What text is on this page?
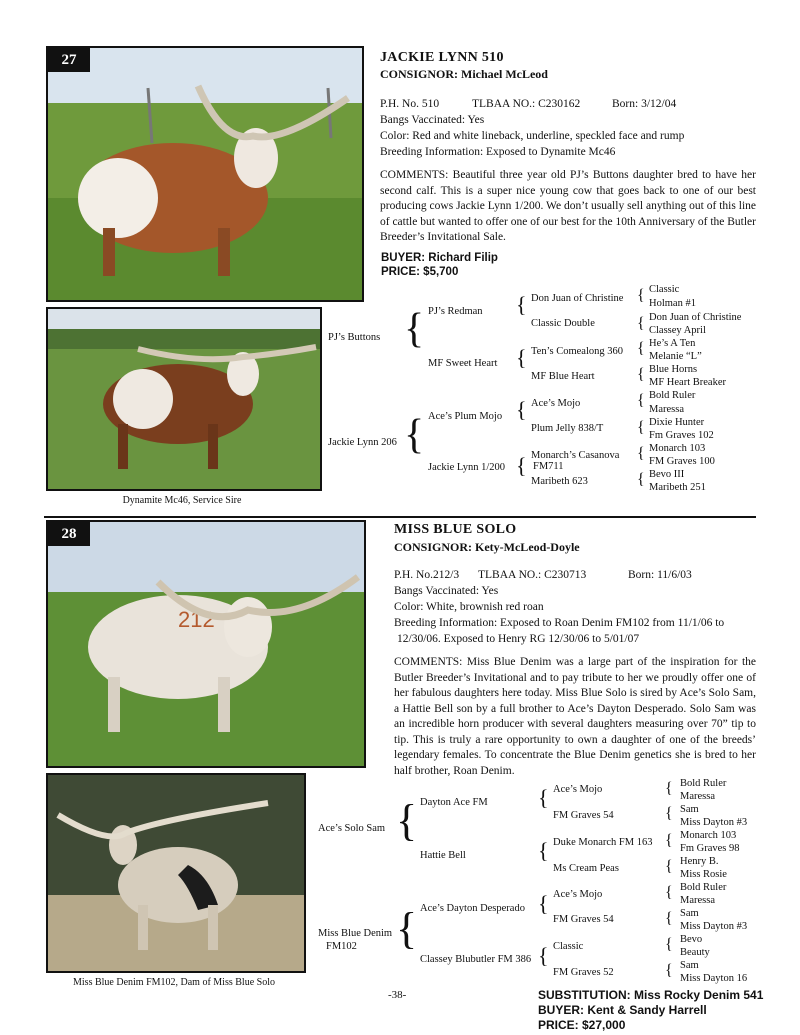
27	JACKIE LYNN 510
CONSIGNOR: Michael McLeod
P.H. No. 510	TLBAA NO.: C230162	Born: 3/12/04
Bangs Vaccinated: Yes
Color: Red and white lineback, underline, speckled face and rump
Breeding Information: Exposed to Dynamite Mc46
COMMENTS: Beautiful three year old PJ’s Buttons daughter bred to have her second calf. This is a super nice young cow that goes back to one of our best producing cows Jackie Lynn 1/200. We don’t usually sell anything out of this line of cattle but wanted to offer one of our best for the 10th Anniversary of the Butler Breeder’s Invitational Sale.
BUYER: Richard Filip
PRICE: $5,700
Dynamite Mc46, Service Sire
PJ’s Buttons
Jackie Lynn 206
{
{
PJ’s Redman
MF Sweet Heart
Ace’s Plum Mojo
Jackie Lynn 1/200
{
{
{
{
Don Juan of Christine
Classic Double
Ten’s Comealong 360
MF Blue Heart
Ace’s Mojo
Plum Jelly 838/T
Monarch’s Casanova
FM711
Maribeth 623
{
{
{
{
{
{
{
{
Classic
Holman #1
Don Juan of Christine
Classey April
He’s A Ten
Melanie “L”
Blue Horns
MF Heart Breaker
Bold Ruler
Maressa
Dixie Hunter
Fm Graves 102
Monarch 103
FM Graves 100
Bevo III
Maribeth 251
212
28	MISS BLUE SOLO
CONSIGNOR: Kety-McLeod-Doyle
P.H. No.212/3 TLBAA NO.: C230713	Born: 11/6/03
Bangs Vaccinated: Yes
Color: White, brownish red roan
Breeding Information: Exposed to Roan Denim FM102 from 11/1/06 to
12/30/06. Exposed to Henry RG 12/30/06 to 5/01/07
COMMENTS: Miss Blue Denim was a large part of the inspiration for the Butler Breeder’s Invitational and to pay tribute to her we proudly offer one of her fabulous daughters here today. Miss Blue Solo is sired by Ace’s Solo Sam, a Hattie Bell son by a full brother to Ace’s Dayton Desperado. Solo Sam was an incredible horn producer with several daughters measuring over 70” tip to tip. This is truly a rare opportunity to own a daughter of one of the breeds’ legendary females. To concentrate the Blue Denim genetics she is bred to her half brother, Roan Denim.
Miss Blue Denim FM102, Dam of Miss Blue Solo
Ace’s Solo Sam
Miss Blue Denim
FM102
{
{
Dayton Ace FM
Hattie Bell
Ace’s Dayton Desperado
Classey Blubutler FM 386
{
{
{
{
Ace’s Mojo
FM Graves 54
Duke Monarch FM 163
Ms Cream Peas
Ace’s Mojo
FM Graves 54
Classic
FM Graves 52
{
{
{
{
{
{
{
{
Bold Ruler
Maressa
Sam
Miss Dayton #3
Monarch 103
Fm Graves 98
Henry B.
Miss Rosie
Bold Ruler
Maressa
Sam
Miss Dayton #3
Bevo
Beauty
Sam
Miss Dayton 16
-38-	SUBSTITUTION: Miss Rocky Denim 541
BUYER: Kent & Sandy Harrell
PRICE: $27,000
